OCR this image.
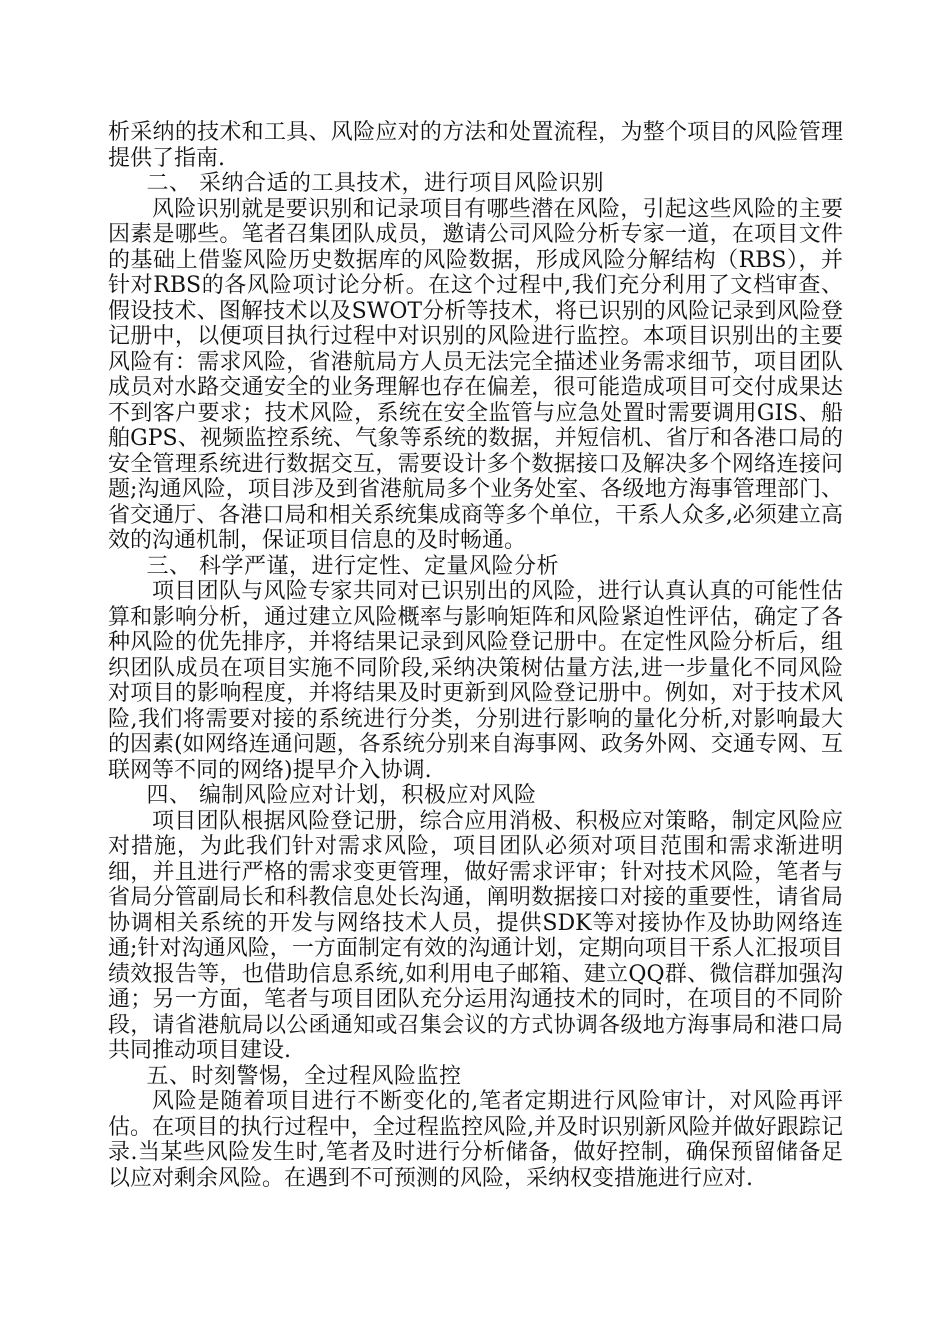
析采纳的技术和工具、风险应对的方法和处置流程，为整个项目的风险管理提供了指南.

二、 采纳合适的工具技术，进行项目风险识别

风险识别就是要识别和记录项目有哪些潜在风险，引起这些风险的主要因素是哪些。笔者召集团队成员，邀请公司风险分析专家一道，在项目文件的基础上借鉴风险历史数据库的风险数据，形成风险分解结构（RBS），并针对RBS的各风险项讨论分析。在这个过程中,我们充分利用了文档审查、假设技术、图解技术以及SWOT分析等技术，将已识别的风险记录到风险登记册中，以便项目执行过程中对识别的风险进行监控。本项目识别出的主要风险有：需求风险，省港航局方人员无法完全描述业务需求细节，项目团队成员对水路交通安全的业务理解也存在偏差，很可能造成项目可交付成果达不到客户要求；技术风险，系统在安全监管与应急处置时需要调用GIS、船舶GPS、视频监控系统、气象等系统的数据，并短信机、省厅和各港口局的安全管理系统进行数据交互，需要设计多个数据接口及解决多个网络连接问题;沟通风险，项目涉及到省港航局多个业务处室、各级地方海事管理部门、省交通厅、各港口局和相关系统集成商等多个单位，干系人众多,必须建立高效的沟通机制，保证项目信息的及时畅通。

三、 科学严谨，进行定性、定量风险分析

项目团队与风险专家共同对已识别出的风险，进行认真认真的可能性估算和影响分析，通过建立风险概率与影响矩阵和风险紧迫性评估，确定了各种风险的优先排序，并将结果记录到风险登记册中。在定性风险分析后，组织团队成员在项目实施不同阶段,采纳决策树估量方法,进一步量化不同风险对项目的影响程度，并将结果及时更新到风险登记册中。例如，对于技术风险,我们将需要对接的系统进行分类，分别进行影响的量化分析,对影响最大的因素(如网络连通问题，各系统分别来自海事网、政务外网、交通专网、互联网等不同的网络)提早介入协调.

四、 编制风险应对计划，积极应对风险

项目团队根据风险登记册，综合应用消极、积极应对策略，制定风险应对措施，为此我们针对需求风险，项目团队必须对项目范围和需求渐进明细，并且进行严格的需求变更管理，做好需求评审；针对技术风险，笔者与省局分管副局长和科教信息处长沟通，阐明数据接口对接的重要性，请省局协调相关系统的开发与网络技术人员，提供SDK等对接协作及协助网络连通;针对沟通风险，一方面制定有效的沟通计划，定期向项目干系人汇报项目绩效报告等，也借助信息系统,如利用电子邮箱、建立QQ群、微信群加强沟通；另一方面，笔者与项目团队充分运用沟通技术的同时，在项目的不同阶段，请省港航局以公函通知或召集会议的方式协调各级地方海事局和港口局共同推动项目建设.

五、时刻警惕，全过程风险监控

风险是随着项目进行不断变化的,笔者定期进行风险审计，对风险再评估。在项目的执行过程中，全过程监控风险,并及时识别新风险并做好跟踪记录.当某些风险发生时,笔者及时进行分析储备，做好控制，确保预留储备足以应对剩余风险。在遇到不可预测的风险，采纳权变措施进行应对.
